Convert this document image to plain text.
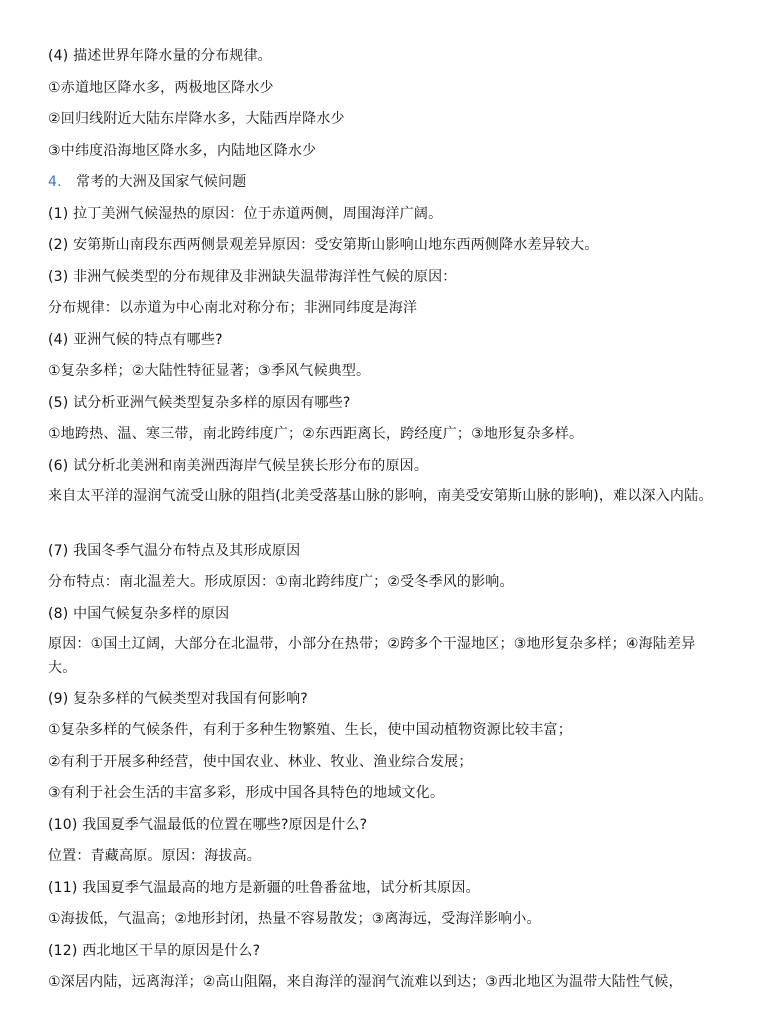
(4) 描述世界年降水量的分布规律。
①赤道地区降水多，两极地区降水少
②回归线附近大陆东岸降水多，大陆西岸降水少
③中纬度沿海地区降水多，内陆地区降水少
4. 常考的大洲及国家气候问题
(1) 拉丁美洲气候湿热的原因：位于赤道两侧，周围海洋广阔。
(2) 安第斯山南段东西两侧景观差异原因：受安第斯山影响山地东西两侧降水差异较大。
(3) 非洲气候类型的分布规律及非洲缺失温带海洋性气候的原因：
分布规律：以赤道为中心南北对称分布；非洲同纬度是海洋
(4) 亚洲气候的特点有哪些?
①复杂多样；②大陆性特征显著；③季风气候典型。
(5) 试分析亚洲气候类型复杂多样的原因有哪些?
①地跨热、温、寒三带，南北跨纬度广；②东西距离长，跨经度广；③地形复杂多样。
(6) 试分析北美洲和南美洲西海岸气候呈狭长形分布的原因。
来自太平洋的湿润气流受山脉的阻挡(北美受落基山脉的影响，南美受安第斯山脉的影响)，难以深入内陆。
(7) 我国冬季气温分布特点及其形成原因
分布特点：南北温差大。形成原因：①南北跨纬度广；②受冬季风的影响。
(8) 中国气候复杂多样的原因
原因：①国土辽阔，大部分在北温带，小部分在热带；②跨多个干湿地区；③地形复杂多样；④海陆差异大。
(9) 复杂多样的气候类型对我国有何影响?
①复杂多样的气候条件，有利于多种生物繁殖、生长，使中国动植物资源比较丰富；
②有利于开展多种经营，使中国农业、林业、牧业、渔业综合发展；
③有利于社会生活的丰富多彩，形成中国各具特色的地域文化。
(10) 我国夏季气温最低的位置在哪些?原因是什么?
位置：青藏高原。原因：海拔高。
(11) 我国夏季气温最高的地方是新疆的吐鲁番盆地，试分析其原因。
①海拔低，气温高；②地形封闭，热量不容易散发；③离海远，受海洋影响小。
(12) 西北地区干旱的原因是什么?
①深居内陆，远离海洋；②高山阻隔，来自海洋的湿润气流难以到达；③西北地区为温带大陆性气候，
